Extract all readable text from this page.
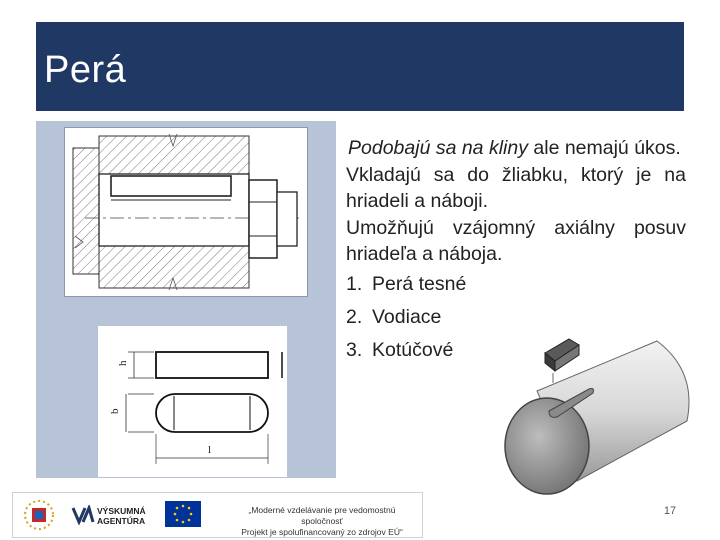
Perá
h
b
l

Podobajú sa na kliny ale nemajú úkos.

Vkladajú sa do žliabku, ktorý je na hriadeli a náboji.

Umožňujú vzájomný axiálny posuv hriadeľa a náboja.

1. Perá tesné
2. Vodiace
3. Kotúčové
VÝSKUMNÁ
AGENTÚRA
„Moderné vzdelávanie pre vedomostnú spoločnosť
Projekt je spolufinancovaný zo zdrojov EÚ“
17
